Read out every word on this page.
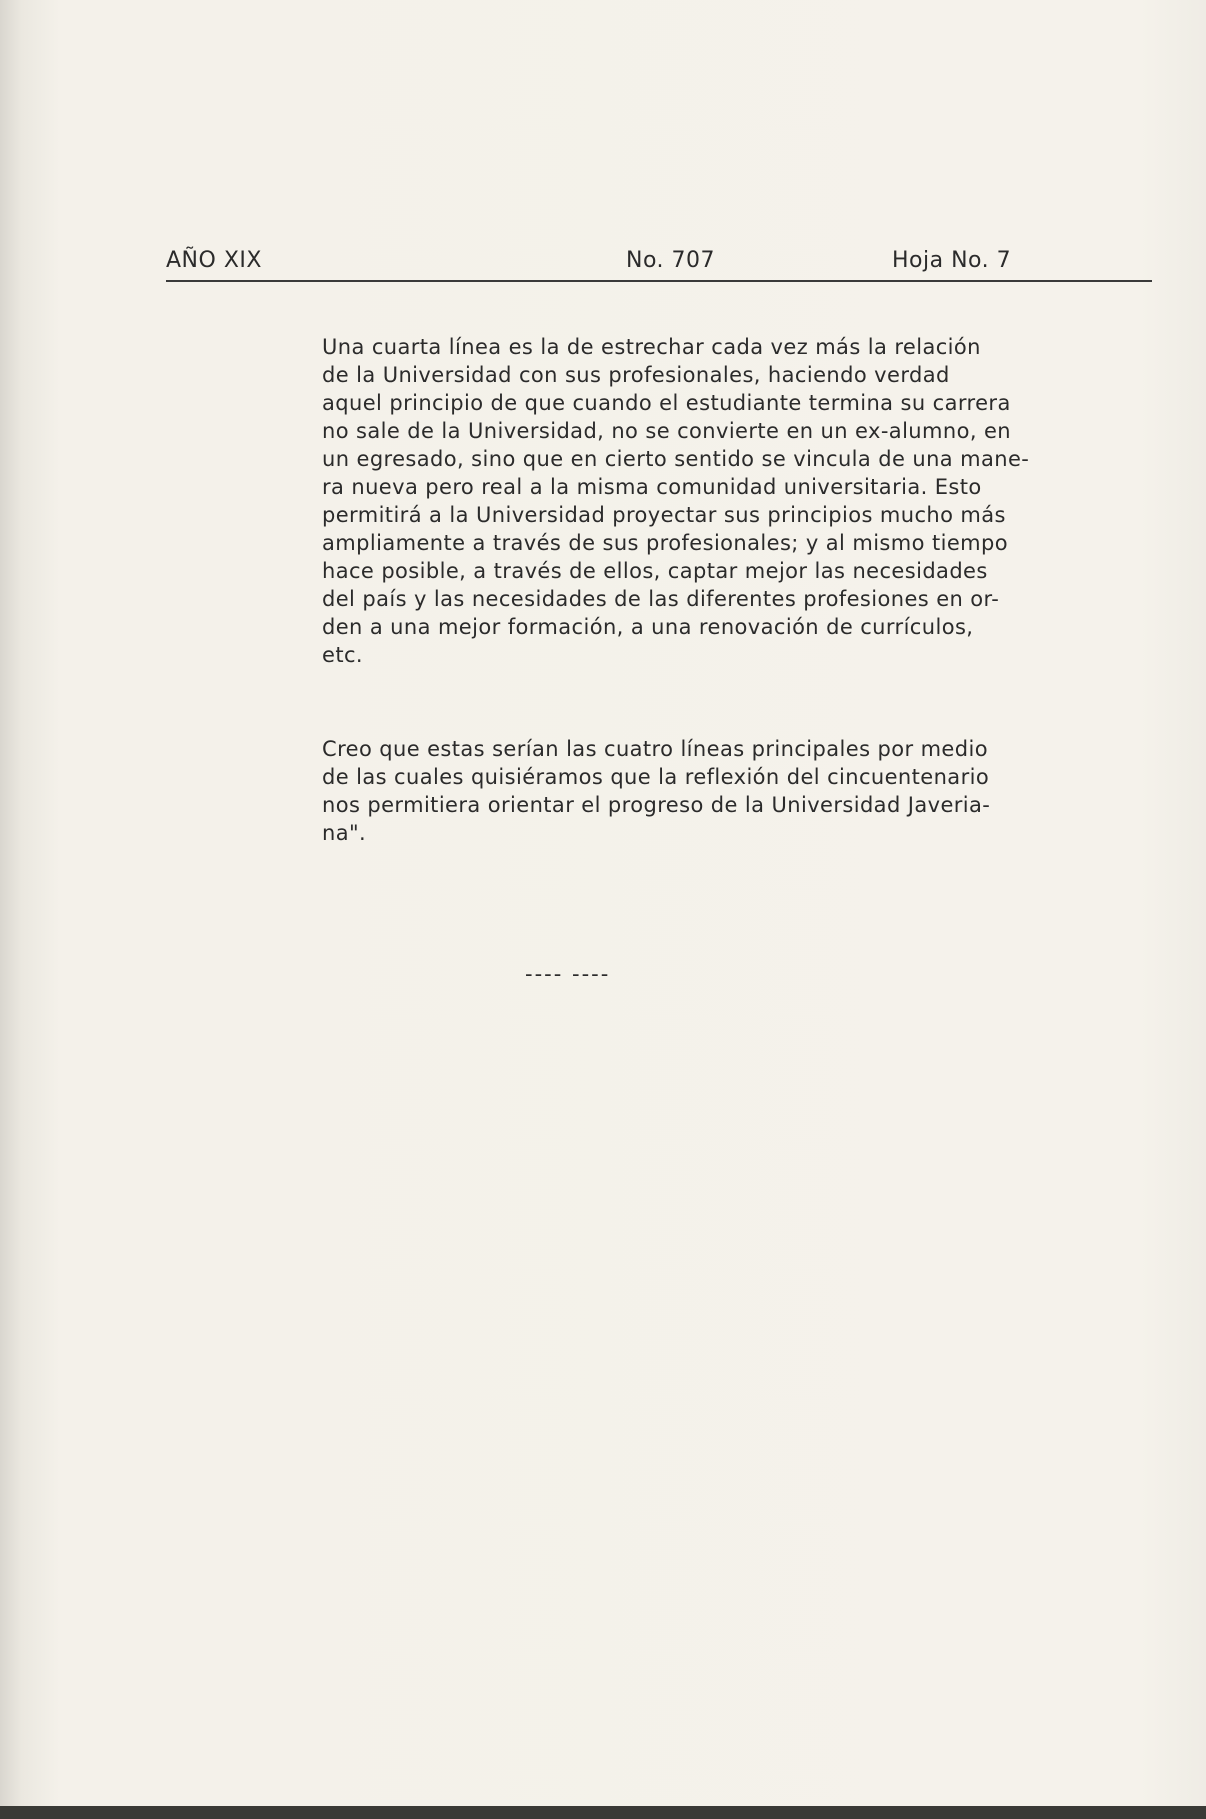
AÑO XIX	No. 707	Hoja No. 7
Una cuarta línea es la de estrechar cada vez más la relación
de la Universidad con sus profesionales, haciendo verdad
aquel principio de que cuando el estudiante termina su carrera
no sale de la Universidad, no se convierte en un ex-alumno, en
un egresado, sino que en cierto sentido se vincula de una mane-
ra nueva pero real a la misma comunidad universitaria. Esto
permitirá a la Universidad proyectar sus principios mucho más
ampliamente a través de sus profesionales; y al mismo tiempo
hace posible, a través de ellos, captar mejor las necesidades
del país y las necesidades de las diferentes profesiones en or-
den a una mejor formación, a una renovación de currículos,
etc.
Creo que estas serían las cuatro líneas principales por medio
de las cuales quisiéramos que la reflexión del cincuentenario
nos permitiera orientar el progreso de la Universidad Javeria-
na".
---- ----
